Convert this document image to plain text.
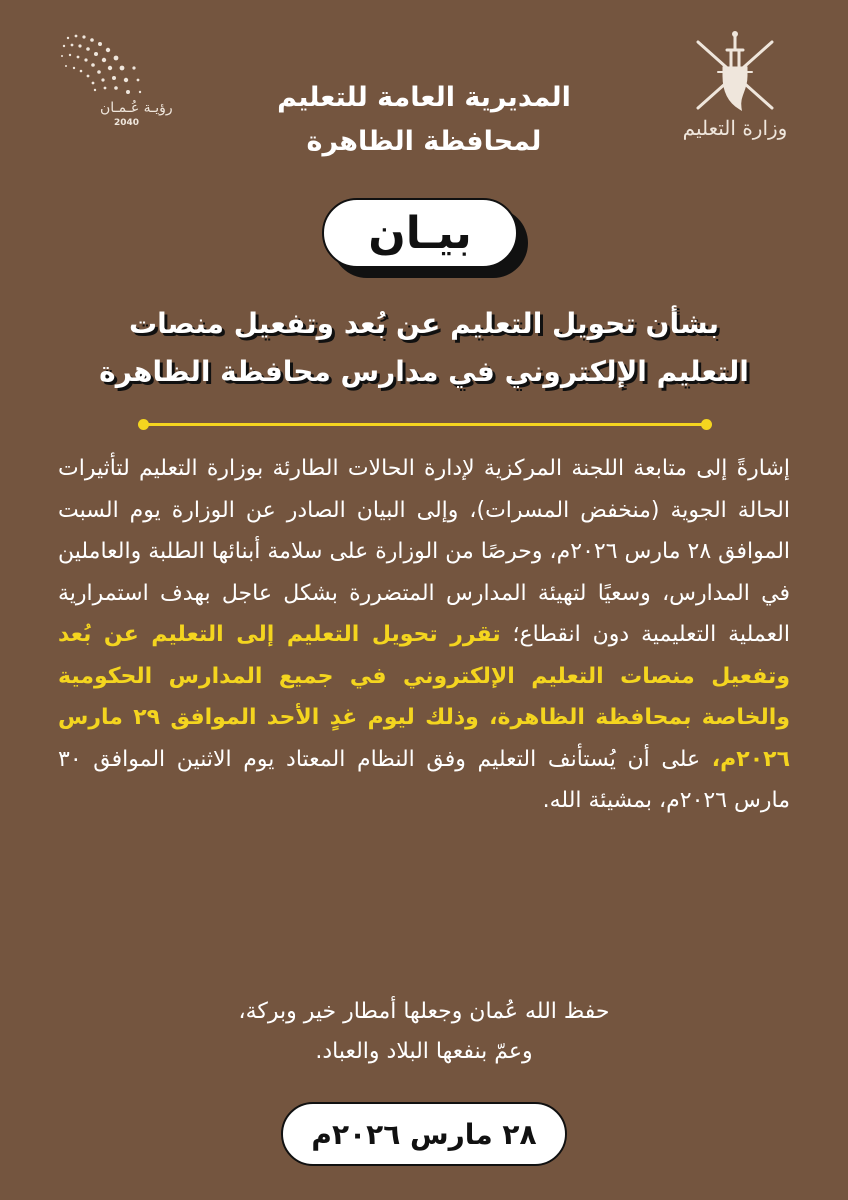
رؤيـة عُـمـان
2040	وزارة التعليم
المديرية العامة للتعليم
لمحافظة الظاهرة
بيـان
بشأن تحويل التعليم عن بُعد وتفعيل منصات
التعليم الإلكتروني في مدارس محافظة الظاهرة
إشارةً إلى متابعة اللجنة المركزية لإدارة الحالات الطارئة بوزارة التعليم لتأثيرات الحالة الجوية (منخفض المسرات)، وإلى البيان الصادر عن الوزارة يوم السبت الموافق ٢٨ مارس ٢٠٢٦م، وحرصًا من الوزارة على سلامة أبنائها الطلبة والعاملين في المدارس، وسعيًا لتهيئة المدارس المتضررة بشكل عاجل بهدف استمرارية العملية التعليمية دون انقطاع؛ تقرر تحويل التعليم إلى التعليم عن بُعد وتفعيل منصات التعليم الإلكتروني في جميع المدارس الحكومية والخاصة بمحافظة الظاهرة، وذلك ليوم غدٍ الأحد الموافق ٢٩ مارس ٢٠٢٦م، على أن يُستأنف التعليم وفق النظام المعتاد يوم الاثنين الموافق ٣٠ مارس ٢٠٢٦م، بمشيئة الله.
حفظ الله عُمان وجعلها أمطار خير وبركة،
وعمّ بنفعها البلاد والعباد.
٢٨ مارس ٢٠٢٦م
